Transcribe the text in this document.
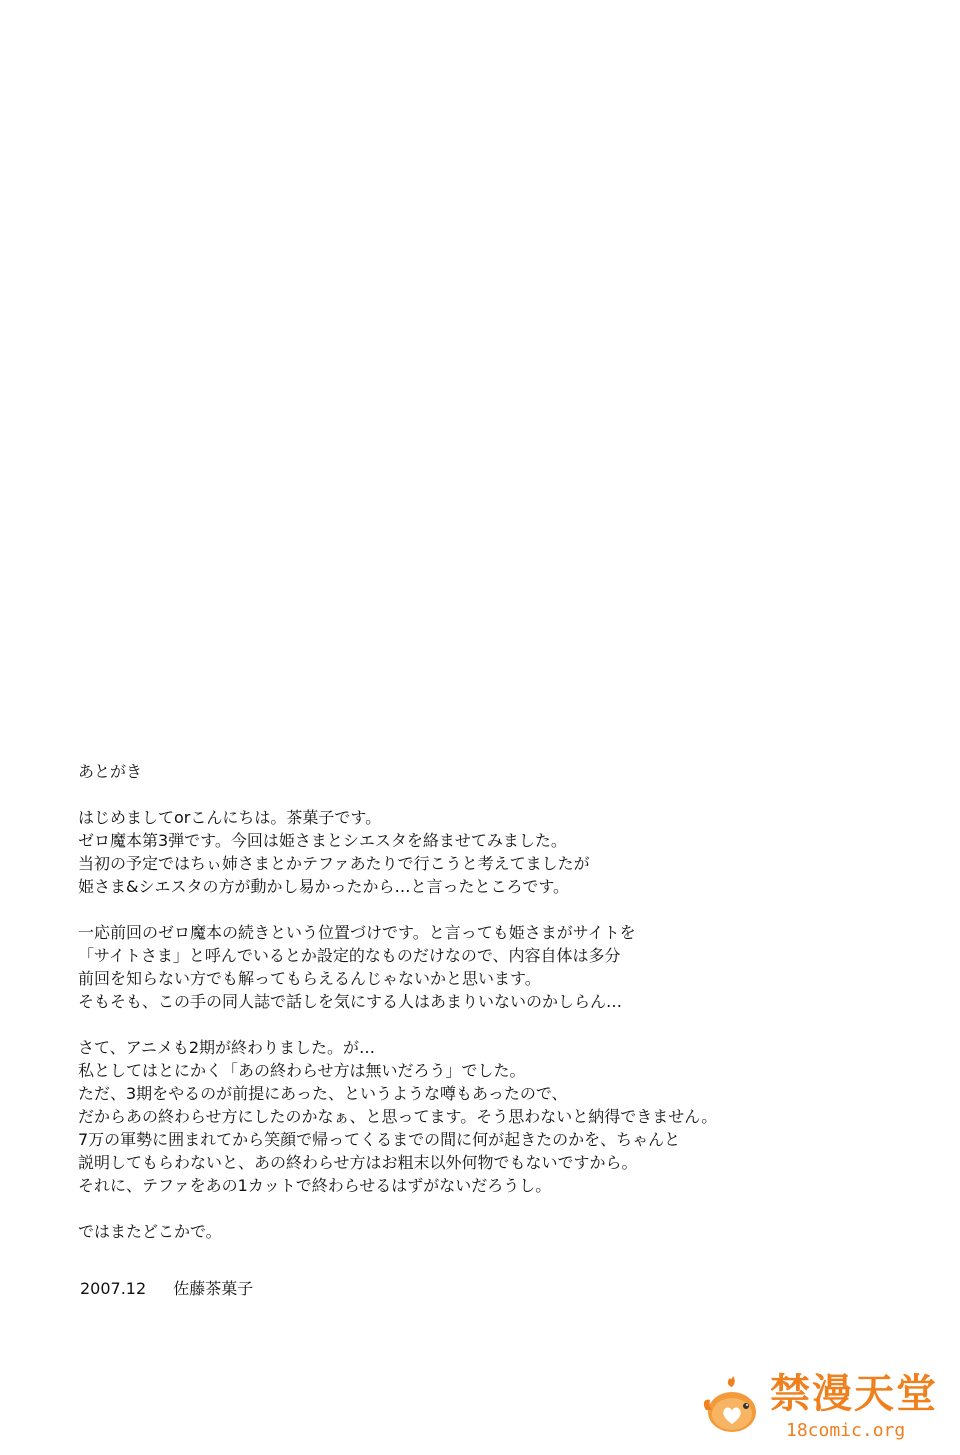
あとがき
はじめましてorこんにちは。茶菓子です。
ゼロ魔本第3弾です。今回は姫さまとシエスタを絡ませてみました。
当初の予定ではちぃ姉さまとかテファあたりで行こうと考えてましたが
姫さま&シエスタの方が動かし易かったから…と言ったところです。
一応前回のゼロ魔本の続きという位置づけです。と言っても姫さまがサイトを
「サイトさま」と呼んでいるとか設定的なものだけなので、内容自体は多分
前回を知らない方でも解ってもらえるんじゃないかと思います。
そもそも、この手の同人誌で話しを気にする人はあまりいないのかしらん…
さて、アニメも2期が終わりました。が…
私としてはとにかく「あの終わらせ方は無いだろう」でした。
ただ、3期をやるのが前提にあった、というような噂もあったので、
だからあの終わらせ方にしたのかなぁ、と思ってます。そう思わないと納得できません。
7万の軍勢に囲まれてから笑顔で帰ってくるまでの間に何が起きたのかを、ちゃんと
説明してもらわないと、あの終わらせ方はお粗末以外何物でもないですから。
それに、テファをあの1カットで終わらせるはずがないだろうし。
ではまたどこかで。
2007.12 佐藤茶菓子
禁漫天堂
18comic.org
